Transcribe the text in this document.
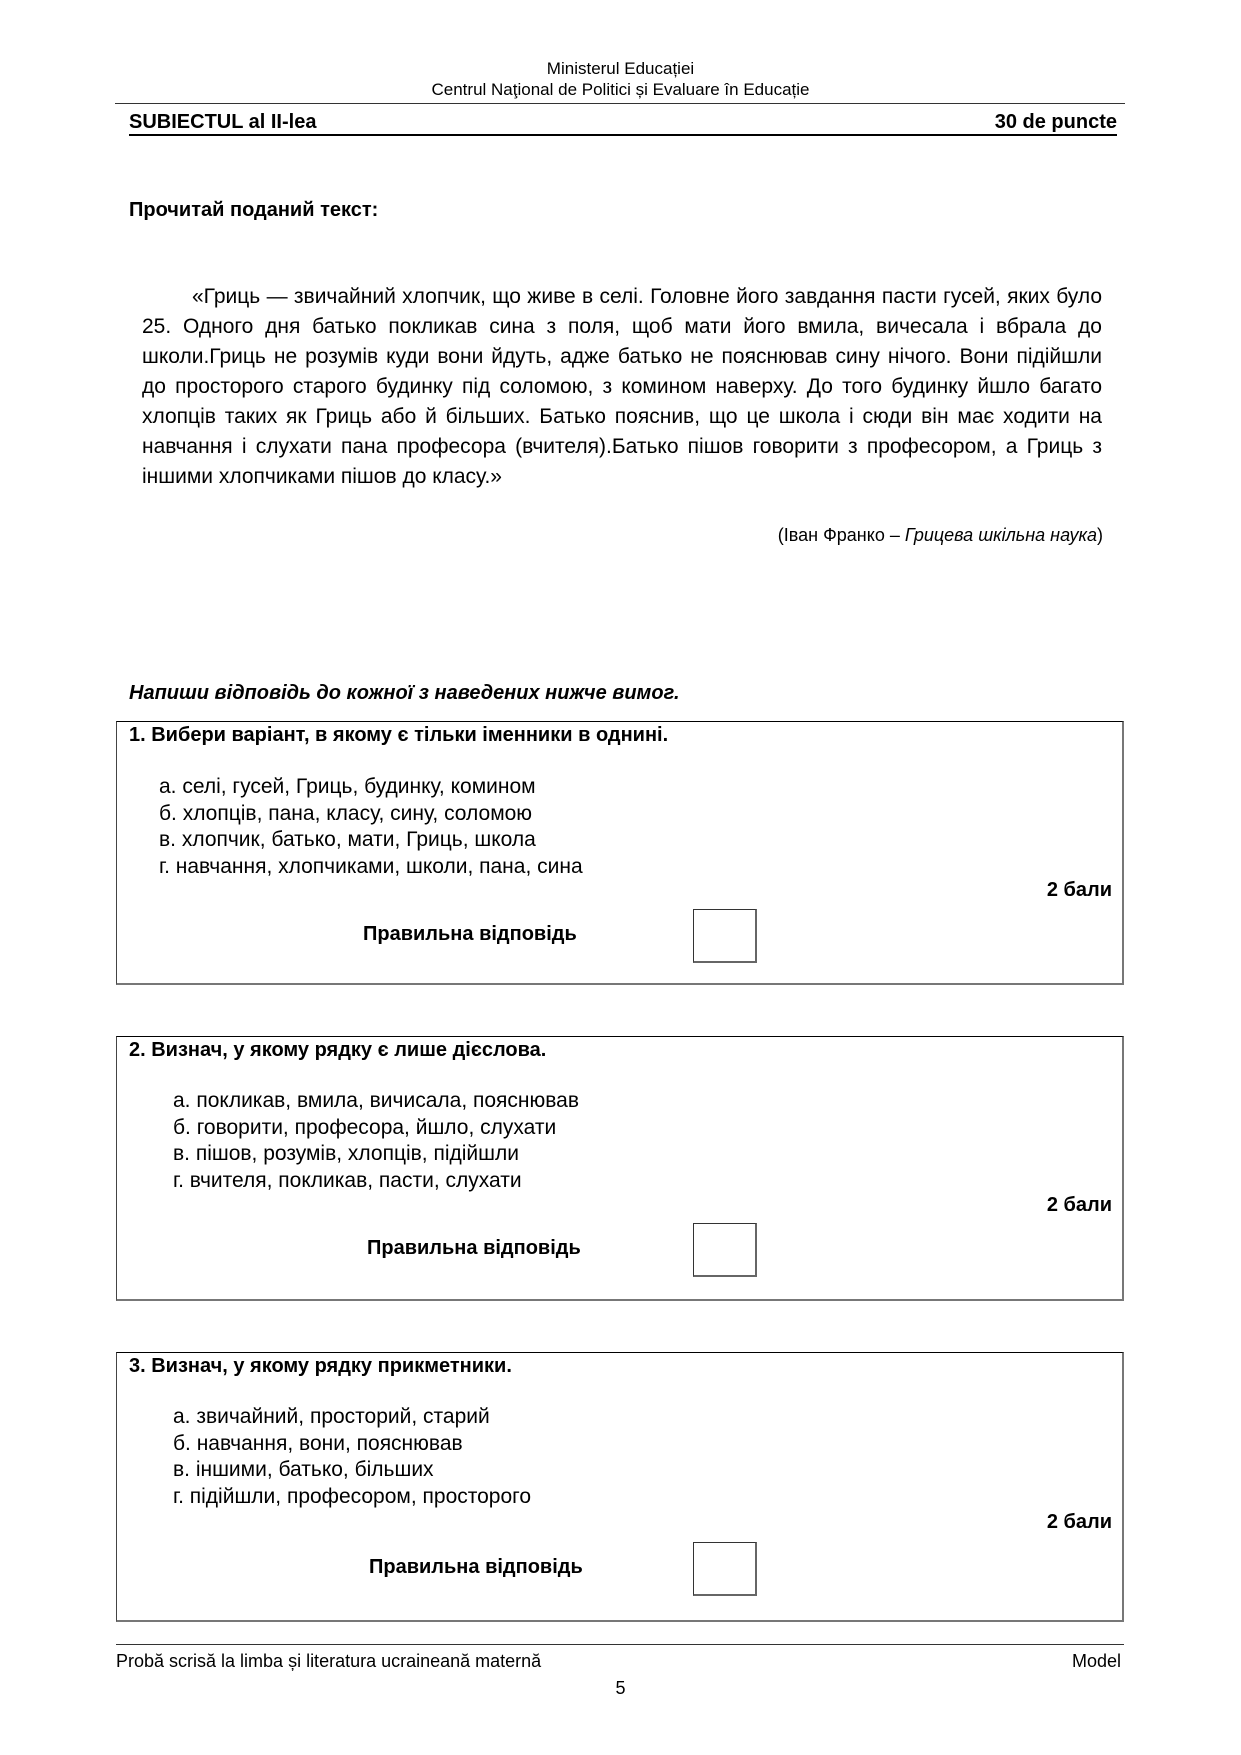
Ministerul Educației
Centrul Naţional de Politici și Evaluare în Educație
SUBIECTUL al II-lea	30 de puncte
Прочитай поданий текст:
«Гриць — звичайний хлопчик, що живе в селі. Головне його завдання пасти гусей, яких було 25. Одного дня батько покликав сина з поля, щоб мати його вмила, вичесала і вбрала до школи.Гриць не розумів куди вони йдуть, адже батько не пояснював сину нічого. Вони підійшли до просторого старого будинку під соломою, з комином наверху. До того будинку йшло багато хлопців таких як Гриць або й більших. Батько пояснив, що це школа і сюди він має ходити на навчання і слухати пана професора (вчителя).Батько пішов говорити з професором, а Гриць з іншими хлопчиками пішов до класу.»
(Іван Франко – Грицева шкільна наука)
Напиши відповідь до кожної з наведених нижче вимог.
1. Вибери варіант, в якому є тільки іменники в однині.
а. селі, гусей, Гриць, будинку, комином
б. хлопців, пана, класу, сину, соломою
в. хлопчик, батько, мати, Гриць, школа
г. навчання, хлопчиками, школи, пана, сина
2 бали
Правильна відповідь
2. Визнач, у якому рядку є лише дієслова.
а. покликав, вмила, вичисала, пояснював
б. говорити, професора, йшло, слухати
в. пішов, розумів, хлопців, підійшли
г. вчителя, покликав, пасти, слухати
2 бали
Правильна відповідь
3. Визнач, у якому рядку прикметники.
а. звичайний, просторий, старий
б. навчання, вони, пояснював
в. іншими, батько, більших
г. підійшли, професором, просторого
2 бали
Правильна відповідь
Probă scrisă la limba și literatura ucraineană maternă	Model
5
